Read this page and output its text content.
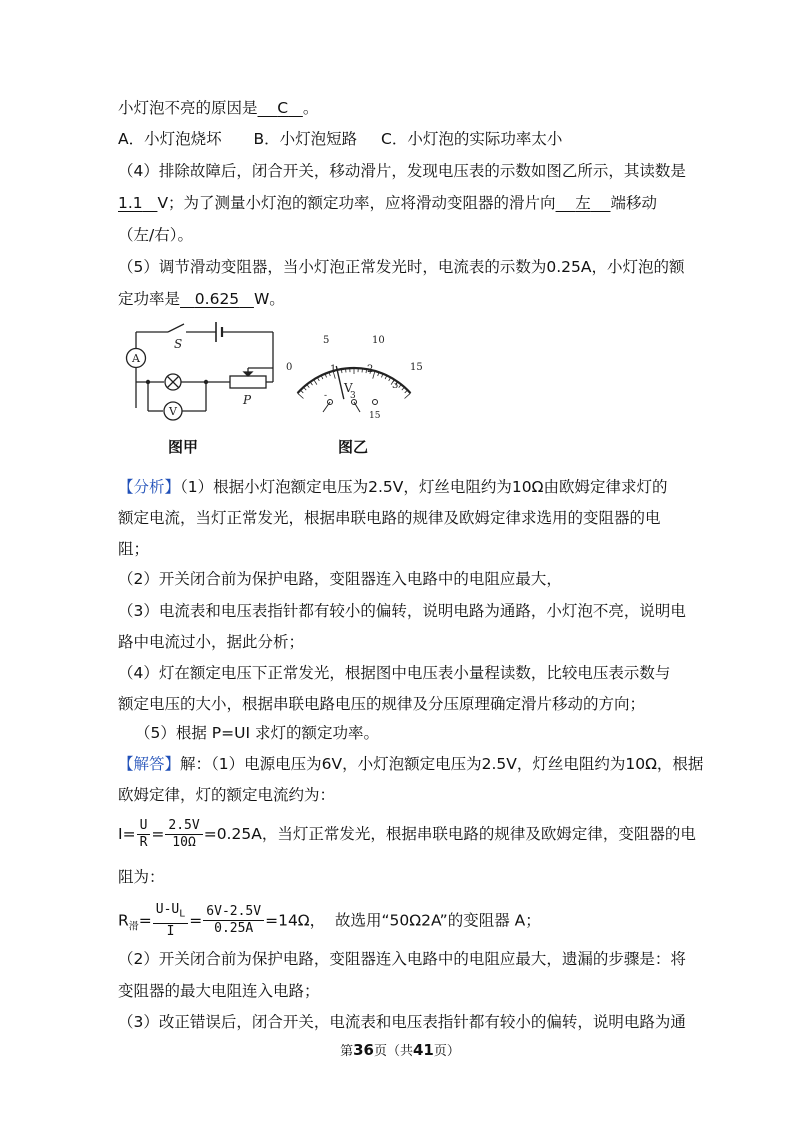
小灯泡不亮的原因是 C 。
A．小灯泡烧坏 B．小灯泡短路 C．小灯泡的实际功率太小
（4）排除故障后，闭合开关，移动滑片，发现电压表的示数如图乙所示，其读数是
1.1 V；为了测量小灯泡的额定功率，应将滑动变阻器的滑片向 左 端移动
（左/右）。
（5）调节滑动变阻器，当小灯泡正常发光时，电流表的示数为0.25A，小灯泡的额
定功率是 0.625 W。
A
V
S
P
0
5	10
15
1	2
3
V
-	3
15
图甲	图乙
【分析】（1）根据小灯泡额定电压为2.5V，灯丝电阻约为10Ω由欧姆定律求灯的
额定电流，当灯正常发光，根据串联电路的规律及欧姆定律求选用的变阻器的电
阻；
（2）开关闭合前为保护电路，变阻器连入电路中的电阻应最大，
（3）电流表和电压表指针都有较小的偏转，说明电路为通路，小灯泡不亮，说明电
路中电流过小，据此分析；
（4）灯在额定电压下正常发光，根据图中电压表小量程读数，比较电压表示数与
额定电压的大小，根据串联电路电压的规律及分压原理确定滑片移动的方向；
（5）根据 P=UI 求灯的额定功率。
【解答】解：（1）电源电压为6V，小灯泡额定电压为2.5V，灯丝电阻约为10Ω，根据
欧姆定律，灯的额定电流约为：
$I= \frac{U}{R} = \frac{2.5V}{10\Omega} =0.25A$，当灯正常发光，根据串联电路的规律及欧姆定律，变阻器的电
阻为：
$R_滑= \frac{U-U_L}{I} = \frac{6V-2.5V}{0.25A} =14\Omega$， 故选用“50Ω2A”的变阻器 A；
（2）开关闭合前为保护电路，变阻器连入电路中的电阻应最大，遗漏的步骤是：将
变阻器的最大电阻连入电路；
（3）改正错误后，闭合开关，电流表和电压表指针都有较小的偏转，说明电路为通
第36页（共41页）
